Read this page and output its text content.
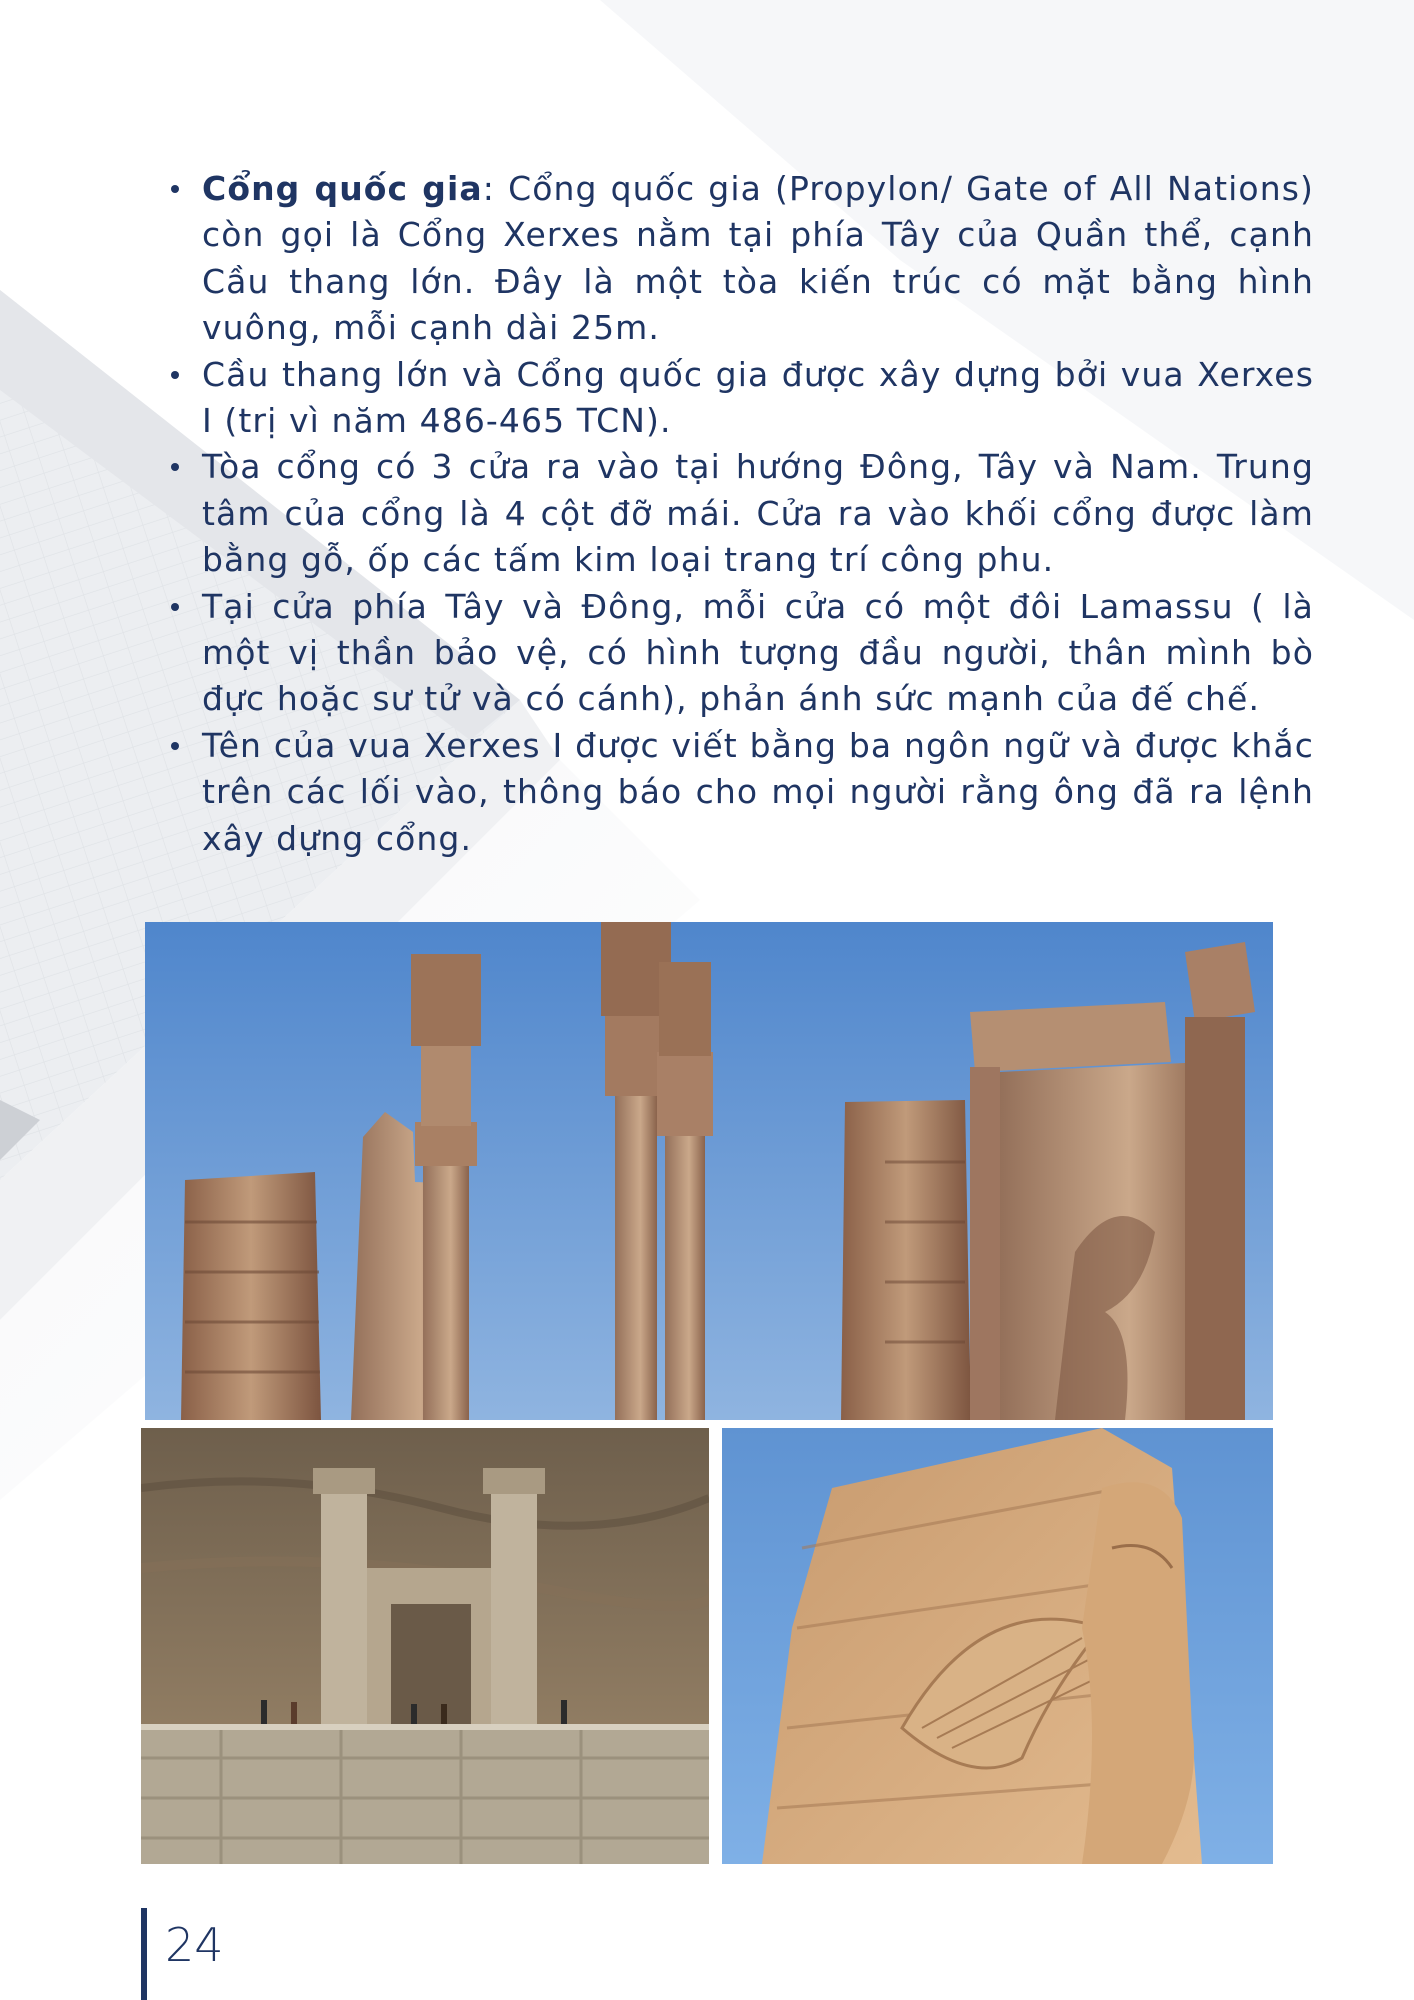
Cổng quốc gia: Cổng quốc gia (Propylon/ Gate of All Nations) còn gọi là Cổng Xerxes nằm tại phía Tây của Quần thể, cạnh Cầu thang lớn. Đây là một tòa kiến trúc có mặt bằng hình vuông, mỗi cạnh dài 25m.
Cầu thang lớn và Cổng quốc gia được xây dựng bởi vua Xerxes I (trị vì năm 486-465 TCN).
Tòa cổng có 3 cửa ra vào tại hướng Đông, Tây và Nam. Trung tâm của cổng là 4 cột đỡ mái. Cửa ra vào khối cổng được làm bằng gỗ, ốp các tấm kim loại trang trí công phu.
Tại cửa phía Tây và Đông, mỗi cửa có một đôi Lamassu ( là một vị thần bảo vệ, có hình tượng đầu người, thân mình bò đực hoặc sư tử và có cánh), phản ánh sức mạnh của đế chế.
Tên của vua Xerxes I được viết bằng ba ngôn ngữ và được khắc trên các lối vào, thông báo cho mọi người rằng ông đã ra lệnh xây dựng cổng.
24
